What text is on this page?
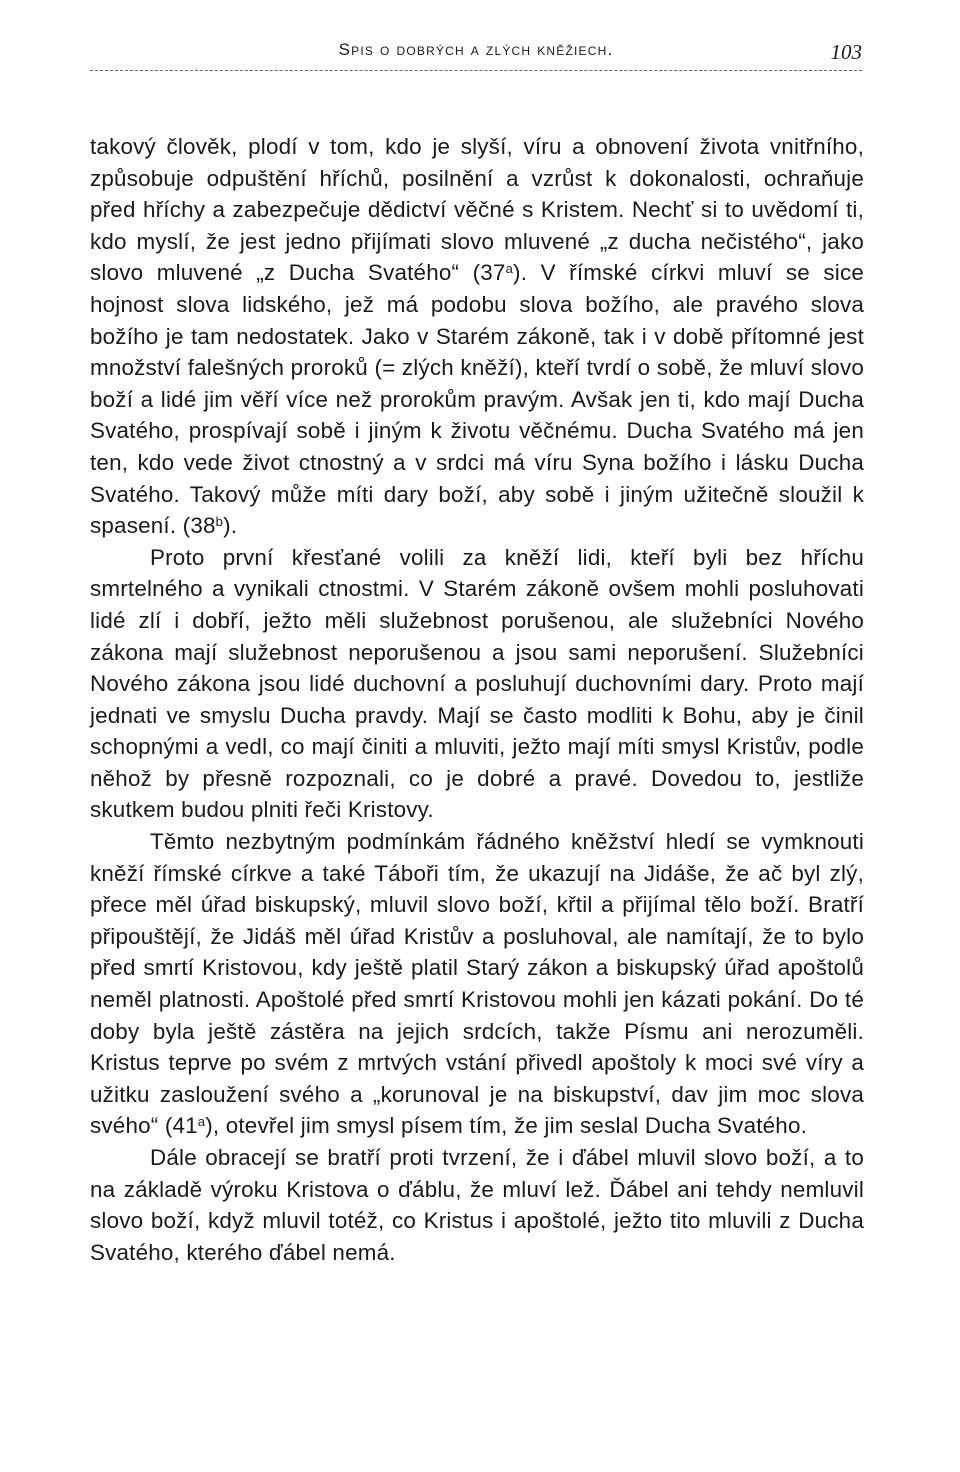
Spis o dobrých a zlých kněžiech.	103

takový člověk, plodí v tom, kdo je slyší, víru a obnovení života vnitřního, způsobuje odpuštění hříchů, posilnění a vzrůst k dokonalosti, ochraňuje před hříchy a zabezpečuje dědictví věčné s Kristem. Nechť si to uvědomí ti, kdo myslí, že jest jedno přijímati slovo mluvené „z ducha nečistého“, jako slovo mluvené „z Ducha Svatého“ (37$^a$). V římské církvi mluví se sice hojnost slova lidského, jež má podobu slova božího, ale pravého slova božího je tam nedostatek. Jako v Starém zákoně, tak i v době přítomné jest množství falešných proroků (= zlých kněží), kteří tvrdí o sobě, že mluví slovo boží a lidé jim věří více než prorokům pravým. Avšak jen ti, kdo mají Ducha Svatého, prospívají sobě i jiným k životu věčnému. Ducha Svatého má jen ten, kdo vede život ctnostný a v srdci má víru Syna božího i lásku Ducha Svatého. Takový může míti dary boží, aby sobě i jiným užitečně sloužil k spasení. (38$^b$).

Proto první křesťané volili za kněží lidi, kteří byli bez hříchu smrtelného a vynikali ctnostmi. V Starém zákoně ovšem mohli posluhovati lidé zlí i dobří, ježto měli služebnost porušenou, ale služebníci Nového zákona mají služebnost neporušenou a jsou sami neporušení. Služebníci Nového zákona jsou lidé duchovní a posluhují duchovními dary. Proto mají jednati ve smyslu Ducha pravdy. Mají se často modliti k Bohu, aby je činil schopnými a vedl, co mají činiti a mluviti, ježto mají míti smysl Kristův, podle něhož by přesně rozpoznali, co je dobré a pravé. Dovedou to, jestliže skutkem budou plniti řeči Kristovy.

Těmto nezbytným podmínkám řádného kněžství hledí se vymknouti kněží římské církve a také Táboři tím, že ukazují na Jidáše, že ač byl zlý, přece měl úřad biskupský, mluvil slovo boží, křtil a přijímal tělo boží. Bratří připouštějí, že Jidáš měl úřad Kristův a posluhoval, ale namítají, že to bylo před smrtí Kristovou, kdy ještě platil Starý zákon a biskupský úřad apoštolů neměl platnosti. Apoštolé před smrtí Kristovou mohli jen kázati pokání. Do té doby byla ještě zástěra na jejich srdcích, takže Písmu ani nerozuměli. Kristus teprve po svém z mrtvých vstání přivedl apoštoly k moci své víry a užitku zasloužení svého a „korunoval je na biskupství, dav jim moc slova svého“ (41$^a$), otevřel jim smysl písem tím, že jim seslal Ducha Svatého.

Dále obracejí se bratří proti tvrzení, že i ďábel mluvil slovo boží, a to na základě výroku Kristova o ďáblu, že mluví lež. Ďábel ani tehdy nemluvil slovo boží, když mluvil totéž, co Kristus i apoštolé, ježto tito mluvili z Ducha Svatého, kterého ďábel nemá.
